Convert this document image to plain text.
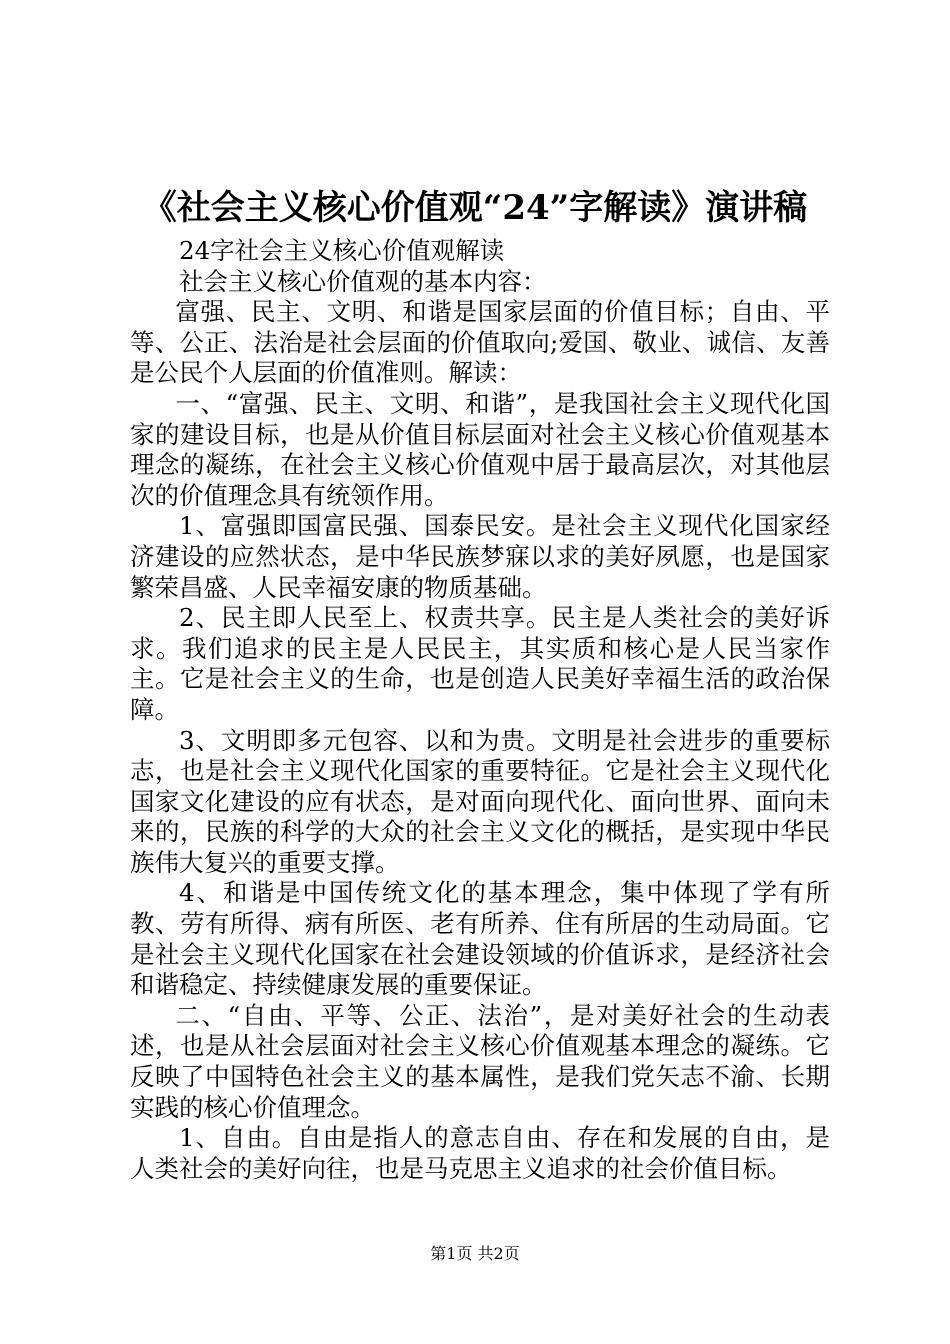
《社会主义核心价值观“24”字解读》演讲稿

24字社会主义核心价值观解读

社会主义核心价值观的基本内容：

富强、民主、文明、和谐是国家层面的价值目标；自由、平等、公正、法治是社会层面的价值取向;爱国、敬业、诚信、友善是公民个人层面的价值准则。解读：

一、“富强、民主、文明、和谐”，是我国社会主义现代化国家的建设目标，也是从价值目标层面对社会主义核心价值观基本理念的凝练，在社会主义核心价值观中居于最高层次，对其他层次的价值理念具有统领作用。

1、富强即国富民强、国泰民安。是社会主义现代化国家经济建设的应然状态，是中华民族梦寐以求的美好夙愿，也是国家繁荣昌盛、人民幸福安康的物质基础。

2、民主即人民至上、权责共享。民主是人类社会的美好诉求。我们追求的民主是人民民主，其实质和核心是人民当家作主。它是社会主义的生命，也是创造人民美好幸福生活的政治保障。

3、文明即多元包容、以和为贵。文明是社会进步的重要标志，也是社会主义现代化国家的重要特征。它是社会主义现代化国家文化建设的应有状态，是对面向现代化、面向世界、面向未来的，民族的科学的大众的社会主义文化的概括，是实现中华民族伟大复兴的重要支撑。

4、和谐是中国传统文化的基本理念，集中体现了学有所教、劳有所得、病有所医、老有所养、住有所居的生动局面。它是社会主义现代化国家在社会建设领域的价值诉求，是经济社会和谐稳定、持续健康发展的重要保证。

二、“自由、平等、公正、法治”，是对美好社会的生动表述，也是从社会层面对社会主义核心价值观基本理念的凝练。它反映了中国特色社会主义的基本属性，是我们党矢志不渝、长期实践的核心价值理念。

1、自由。自由是指人的意志自由、存在和发展的自由，是人类社会的美好向往，也是马克思主义追求的社会价值目标。

第1页 共2页
